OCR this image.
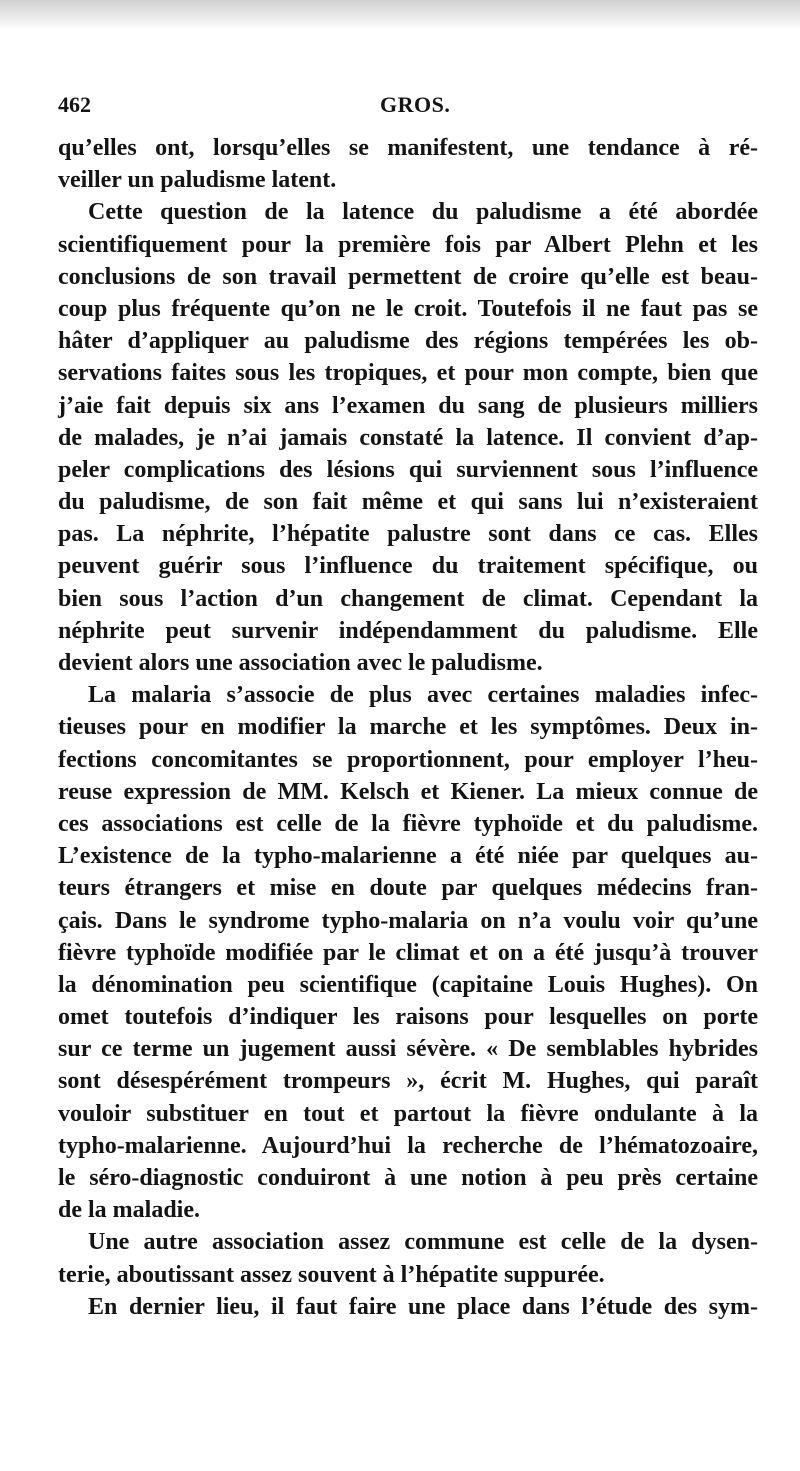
462	GROS.
qu’elles ont, lorsqu’elles se manifestent, une tendance à ré-
veiller un paludisme latent.
Cette question de la latence du paludisme a été abordée
scientifiquement pour la première fois par Albert Plehn et les
conclusions de son travail permettent de croire qu’elle est beau-
coup plus fréquente qu’on ne le croit. Toutefois il ne faut pas se
hâter d’appliquer au paludisme des régions tempérées les ob-
servations faites sous les tropiques, et pour mon compte, bien que
j’aie fait depuis six ans l’examen du sang de plusieurs milliers
de malades, je n’ai jamais constaté la latence. Il convient d’ap-
peler complications des lésions qui surviennent sous l’influence
du paludisme, de son fait même et qui sans lui n’existeraient
pas. La néphrite, l’hépatite palustre sont dans ce cas. Elles
peuvent guérir sous l’influence du traitement spécifique, ou
bien sous l’action d’un changement de climat. Cependant la
néphrite peut survenir indépendamment du paludisme. Elle
devient alors une association avec le paludisme.
La malaria s’associe de plus avec certaines maladies infec-
tieuses pour en modifier la marche et les symptômes. Deux in-
fections concomitantes se proportionnent, pour employer l’heu-
reuse expression de MM. Kelsch et Kiener. La mieux connue de
ces associations est celle de la fièvre typhoïde et du paludisme.
L’existence de la typho-malarienne a été niée par quelques au-
teurs étrangers et mise en doute par quelques médecins fran-
çais. Dans le syndrome typho-malaria on n’a voulu voir qu’une
fièvre typhoïde modifiée par le climat et on a été jusqu’à trouver
la dénomination peu scientifique (capitaine Louis Hughes). On
omet toutefois d’indiquer les raisons pour lesquelles on porte
sur ce terme un jugement aussi sévère. « De semblables hybrides
sont désespérément trompeurs », écrit M. Hughes, qui paraît
vouloir substituer en tout et partout la fièvre ondulante à la
typho-malarienne. Aujourd’hui la recherche de l’hématozoaire,
le séro-diagnostic conduiront à une notion à peu près certaine
de la maladie.
Une autre association assez commune est celle de la dysen-
terie, aboutissant assez souvent à l’hépatite suppurée.
En dernier lieu, il faut faire une place dans l’étude des sym-
